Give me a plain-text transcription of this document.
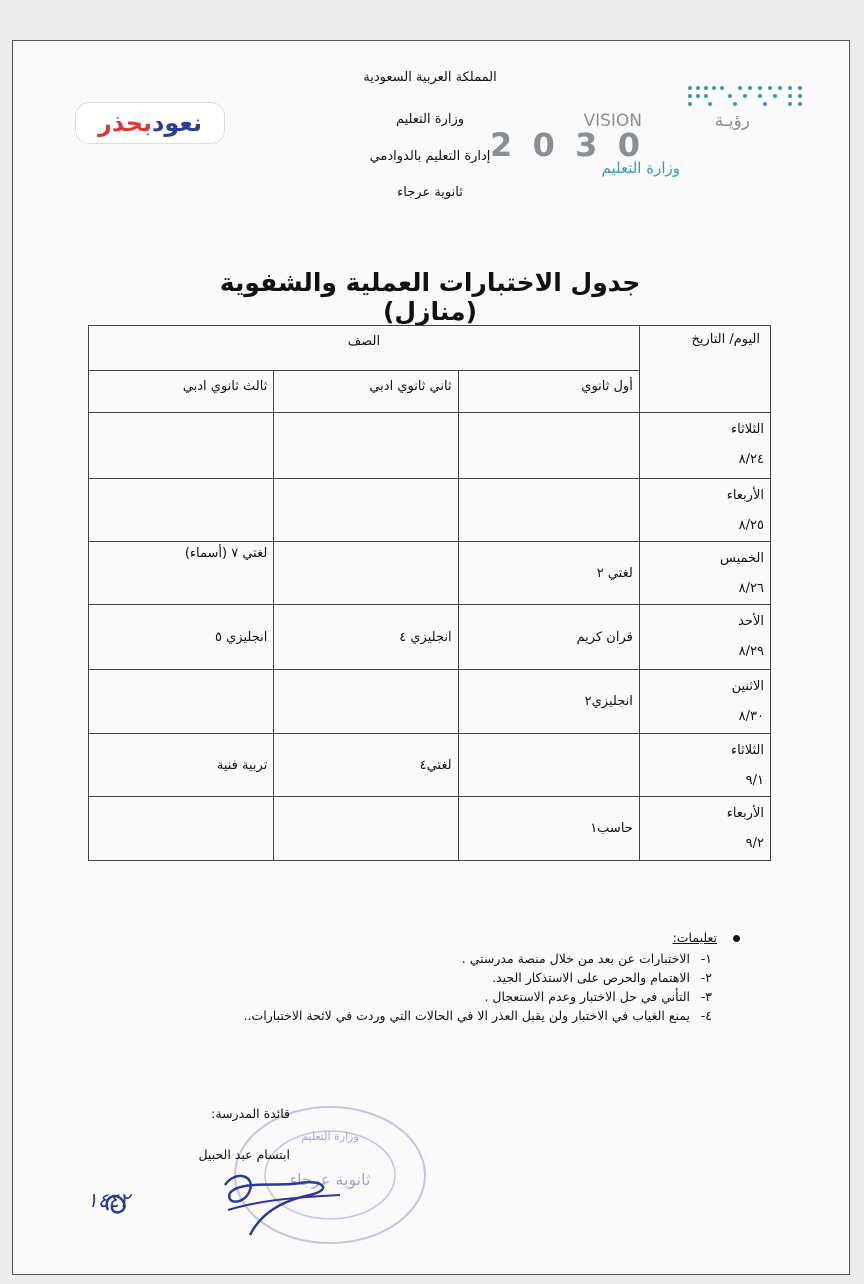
المملكة العربية السعودية
وزارة التعليم
إدارة التعليم بالدوادمي
ثانوية عرجاء
نعود
بحذر	VISION	رؤيـة
2030
وزارة التعليم
جدول الاختبارات العملية والشفوية (منازل)
اليوم/ التاريخ	الصف		
	أول ثانوي	ثاني ثانوي ادبي	ثالث ثانوي ادبي

الثلاثاء
٨/٢٤			

الأربعاء
٨/٢٥			

الخميس
٨/٢٦	لغتي ٢		لغتي ٧ (أسماء)

الأحد
٨/٢٩	قران كريم	انجليزي ٤	انجليزي ٥

الاثنين
٨/٣٠	انجليزي٢		

الثلاثاء
٩/١		لغتي٤	تربية فنية

الأربعاء
٩/٢	حاسب١		
تعليمات:
١-الاختبارات عن بعد من خلال منصة مدرستي .
٢-الاهتمام والحرص على الاستذكار الجيد.
٣-التأني في حل الاختبار وعدم الاستعجال .
٤-يمنع الغياب في الاختبار ولن يقبل العذر الا في الحالات التي وردت في لائحة الاختبارات..
وزارة التعليم
ثانوية عرجاء
قائدة المدرسة:
ابتسام عبد الحبيل
١٤٤٢
